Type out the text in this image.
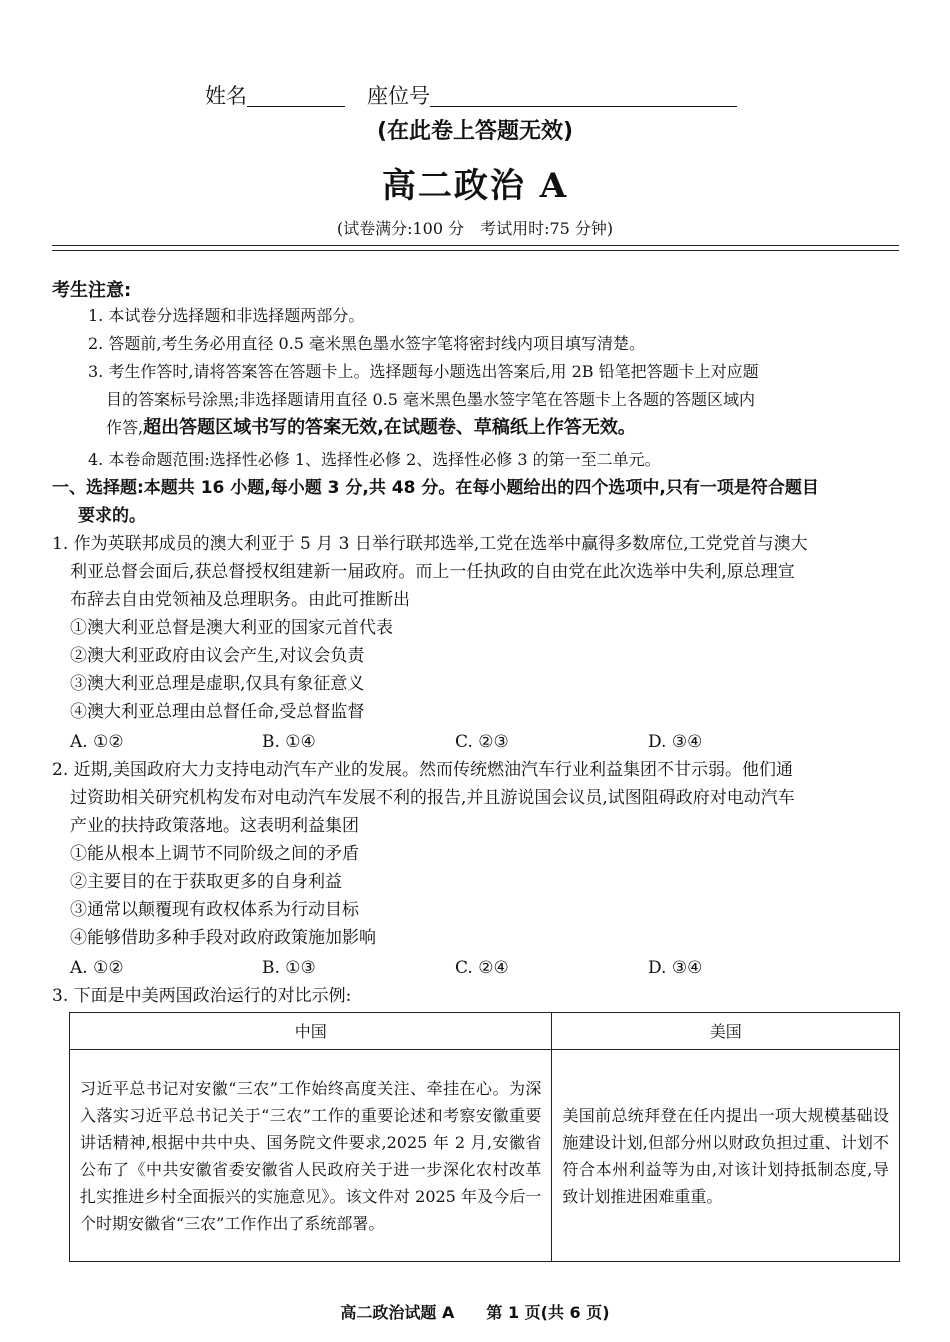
姓名	座位号
(在此卷上答题无效)
高二政治 A
(试卷满分:100 分　考试用时:75 分钟)
考生注意:
1. 本试卷分选择题和非选择题两部分。
2. 答题前,考生务必用直径 0.5 毫米黑色墨水签字笔将密封线内项目填写清楚。
3. 考生作答时,请将答案答在答题卡上。选择题每小题选出答案后,用 2B 铅笔把答题卡上对应题
目的答案标号涂黑;非选择题请用直径 0.5 毫米黑色墨水签字笔在答题卡上各题的答题区域内
作答,超出答题区域书写的答案无效,在试题卷、草稿纸上作答无效。
4. 本卷命题范围:选择性必修 1、选择性必修 2、选择性必修 3 的第一至二单元。
一、选择题:本题共 16 小题,每小题 3 分,共 48 分。在每小题给出的四个选项中,只有一项是符合题目
要求的。
1. 作为英联邦成员的澳大利亚于 5 月 3 日举行联邦选举,工党在选举中赢得多数席位,工党党首与澳大
利亚总督会面后,获总督授权组建新一届政府。而上一任执政的自由党在此次选举中失利,原总理宣
布辞去自由党领袖及总理职务。由此可推断出
①澳大利亚总督是澳大利亚的国家元首代表
②澳大利亚政府由议会产生,对议会负责
③澳大利亚总理是虚职,仅具有象征意义
④澳大利亚总理由总督任命,受总督监督
A. ①②	B. ①④	C. ②③	D. ③④
2. 近期,美国政府大力支持电动汽车产业的发展。然而传统燃油汽车行业利益集团不甘示弱。他们通
过资助相关研究机构发布对电动汽车发展不利的报告,并且游说国会议员,试图阻碍政府对电动汽车
产业的扶持政策落地。这表明利益集团
①能从根本上调节不同阶级之间的矛盾
②主要目的在于获取更多的自身利益
③通常以颠覆现有政权体系为行动目标
④能够借助多种手段对政府政策施加影响
A. ①②	B. ①③	C. ②④	D. ③④
3. 下面是中美两国政治运行的对比示例:
中国	美国
习近平总书记对安徽“三农”工作始终高度关注、牵挂在心。为深入落实习近平总书记关于“三农”工作的重要论述和考察安徽重要讲话精神,根据中共中央、国务院文件要求,2025 年 2 月,安徽省公布了《中共安徽省委安徽省人民政府关于进一步深化农村改革扎实推进乡村全面振兴的实施意见》。该文件对 2025 年及今后一个时期安徽省“三农”工作作出了系统部署。	美国前总统拜登在任内提出一项大规模基础设施建设计划,但部分州以财政负担过重、计划不符合本州利益等为由,对该计划持抵制态度,导致计划推进困难重重。
高二政治试题 A　　第 1 页(共 6 页)
